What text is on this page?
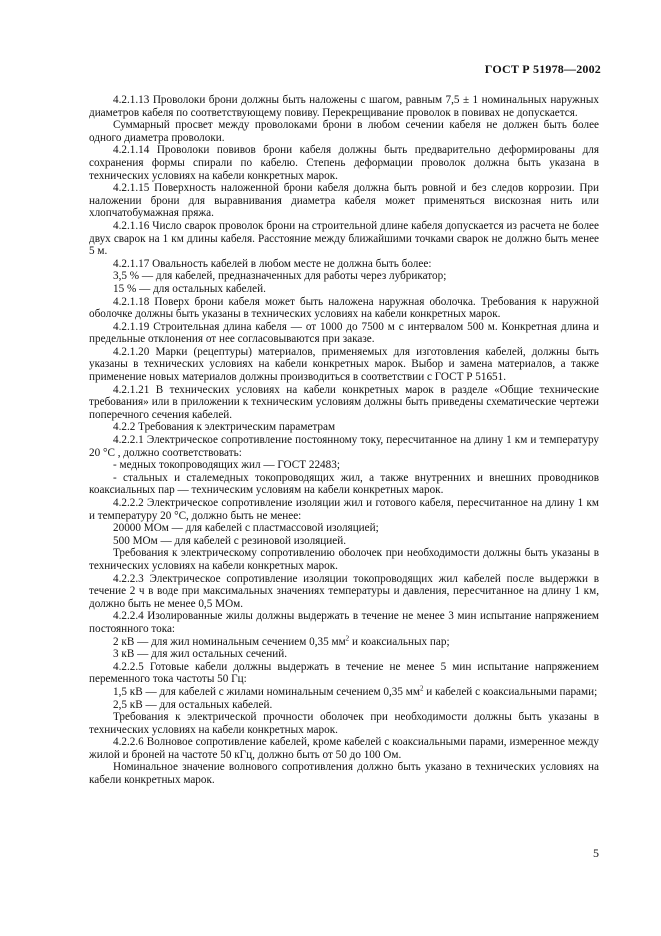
ГОСТ Р 51978—2002

4.2.1.13 Проволоки брони должны быть наложены с шагом, равным 7,5 ± 1 номинальных наружных диаметров кабеля по соответствующему повиву. Перекрещивание проволок в повивах не допускается.

Суммарный просвет между проволоками брони в любом сечении кабеля не должен быть более одного диаметра проволоки.

4.2.1.14 Проволоки повивов брони кабеля должны быть предварительно деформированы для сохранения формы спирали по кабелю. Степень деформации проволок должна быть указана в технических условиях на кабели конкретных марок.

4.2.1.15 Поверхность наложенной брони кабеля должна быть ровной и без следов коррозии. При наложении брони для выравнивания диаметра кабеля может применяться вискозная нить или хлопчатобумажная пряжа.

4.2.1.16 Число сварок проволок брони на строительной длине кабеля допускается из расчета не более двух сварок на 1 км длины кабеля. Расстояние между ближайшими точками сварок не должно быть менее 5 м.

4.2.1.17 Овальность кабелей в любом месте не должна быть более:

3,5 % — для кабелей, предназначенных для работы через лубрикатор;

15 % — для остальных кабелей.

4.2.1.18 Поверх брони кабеля может быть наложена наружная оболочка. Требования к наружной оболочке должны быть указаны в технических условиях на кабели конкретных марок.

4.2.1.19 Строительная длина кабеля — от 1000 до 7500 м с интервалом 500 м. Конкретная длина и предельные отклонения от нее согласовываются при заказе.

4.2.1.20 Марки (рецептуры) материалов, применяемых для изготовления кабелей, должны быть указаны в технических условиях на кабели конкретных марок. Выбор и замена материалов, а также применение новых материалов должны производиться в соответствии с ГОСТ Р 51651.

4.2.1.21 В технических условиях на кабели конкретных марок в разделе «Общие технические требования» или в приложении к техническим условиям должны быть приведены схематические чертежи поперечного сечения кабелей.

4.2.2 Требования к электрическим параметрам

4.2.2.1 Электрическое сопротивление постоянному току, пересчитанное на длину 1 км и температуру 20 °С , должно соответствовать:

- медных токопроводящих жил — ГОСТ 22483;

- стальных и сталемедных токопроводящих жил, а также внутренних и внешних проводников коаксиальных пар — техническим условиям на кабели конкретных марок.

4.2.2.2 Электрическое сопротивление изоляции жил и готового кабеля, пересчитанное на длину 1 км и температуру 20 °С, должно быть не менее:

20000 МОм — для кабелей с пластмассовой изоляцией;

500 МОм — для кабелей с резиновой изоляцией.

Требования к электрическому сопротивлению оболочек при необходимости должны быть указаны в технических условиях на кабели конкретных марок.

4.2.2.3 Электрическое сопротивление изоляции токопроводящих жил кабелей после выдержки в течение 2 ч в воде при максимальных значениях температуры и давления, пересчитанное на длину 1 км, должно быть не менее 0,5 МОм.

4.2.2.4 Изолированные жилы должны выдержать в течение не менее 3 мин испытание напряжением постоянного тока:

2 кВ — для жил номинальным сечением 0,35 $мм^2$ и коаксиальных пар;

3 кВ — для жил остальных сечений.

4.2.2.5 Готовые кабели должны выдержать в течение не менее 5 мин испытание напряжением переменного тока частоты 50 Гц:

1,5 кВ — для кабелей с жилами номинальным сечением 0,35 $мм^2$ и кабелей с коаксиальными парами;

2,5 кВ — для остальных кабелей.

Требования к электрической прочности оболочек при необходимости должны быть указаны в технических условиях на кабели конкретных марок.

4.2.2.6 Волновое сопротивление кабелей, кроме кабелей с коаксиальными парами, измеренное между жилой и броней на частоте 50 кГц, должно быть от 50 до 100 Ом.

Номинальное значение волнового сопротивления должно быть указано в технических условиях на кабели конкретных марок.

5
